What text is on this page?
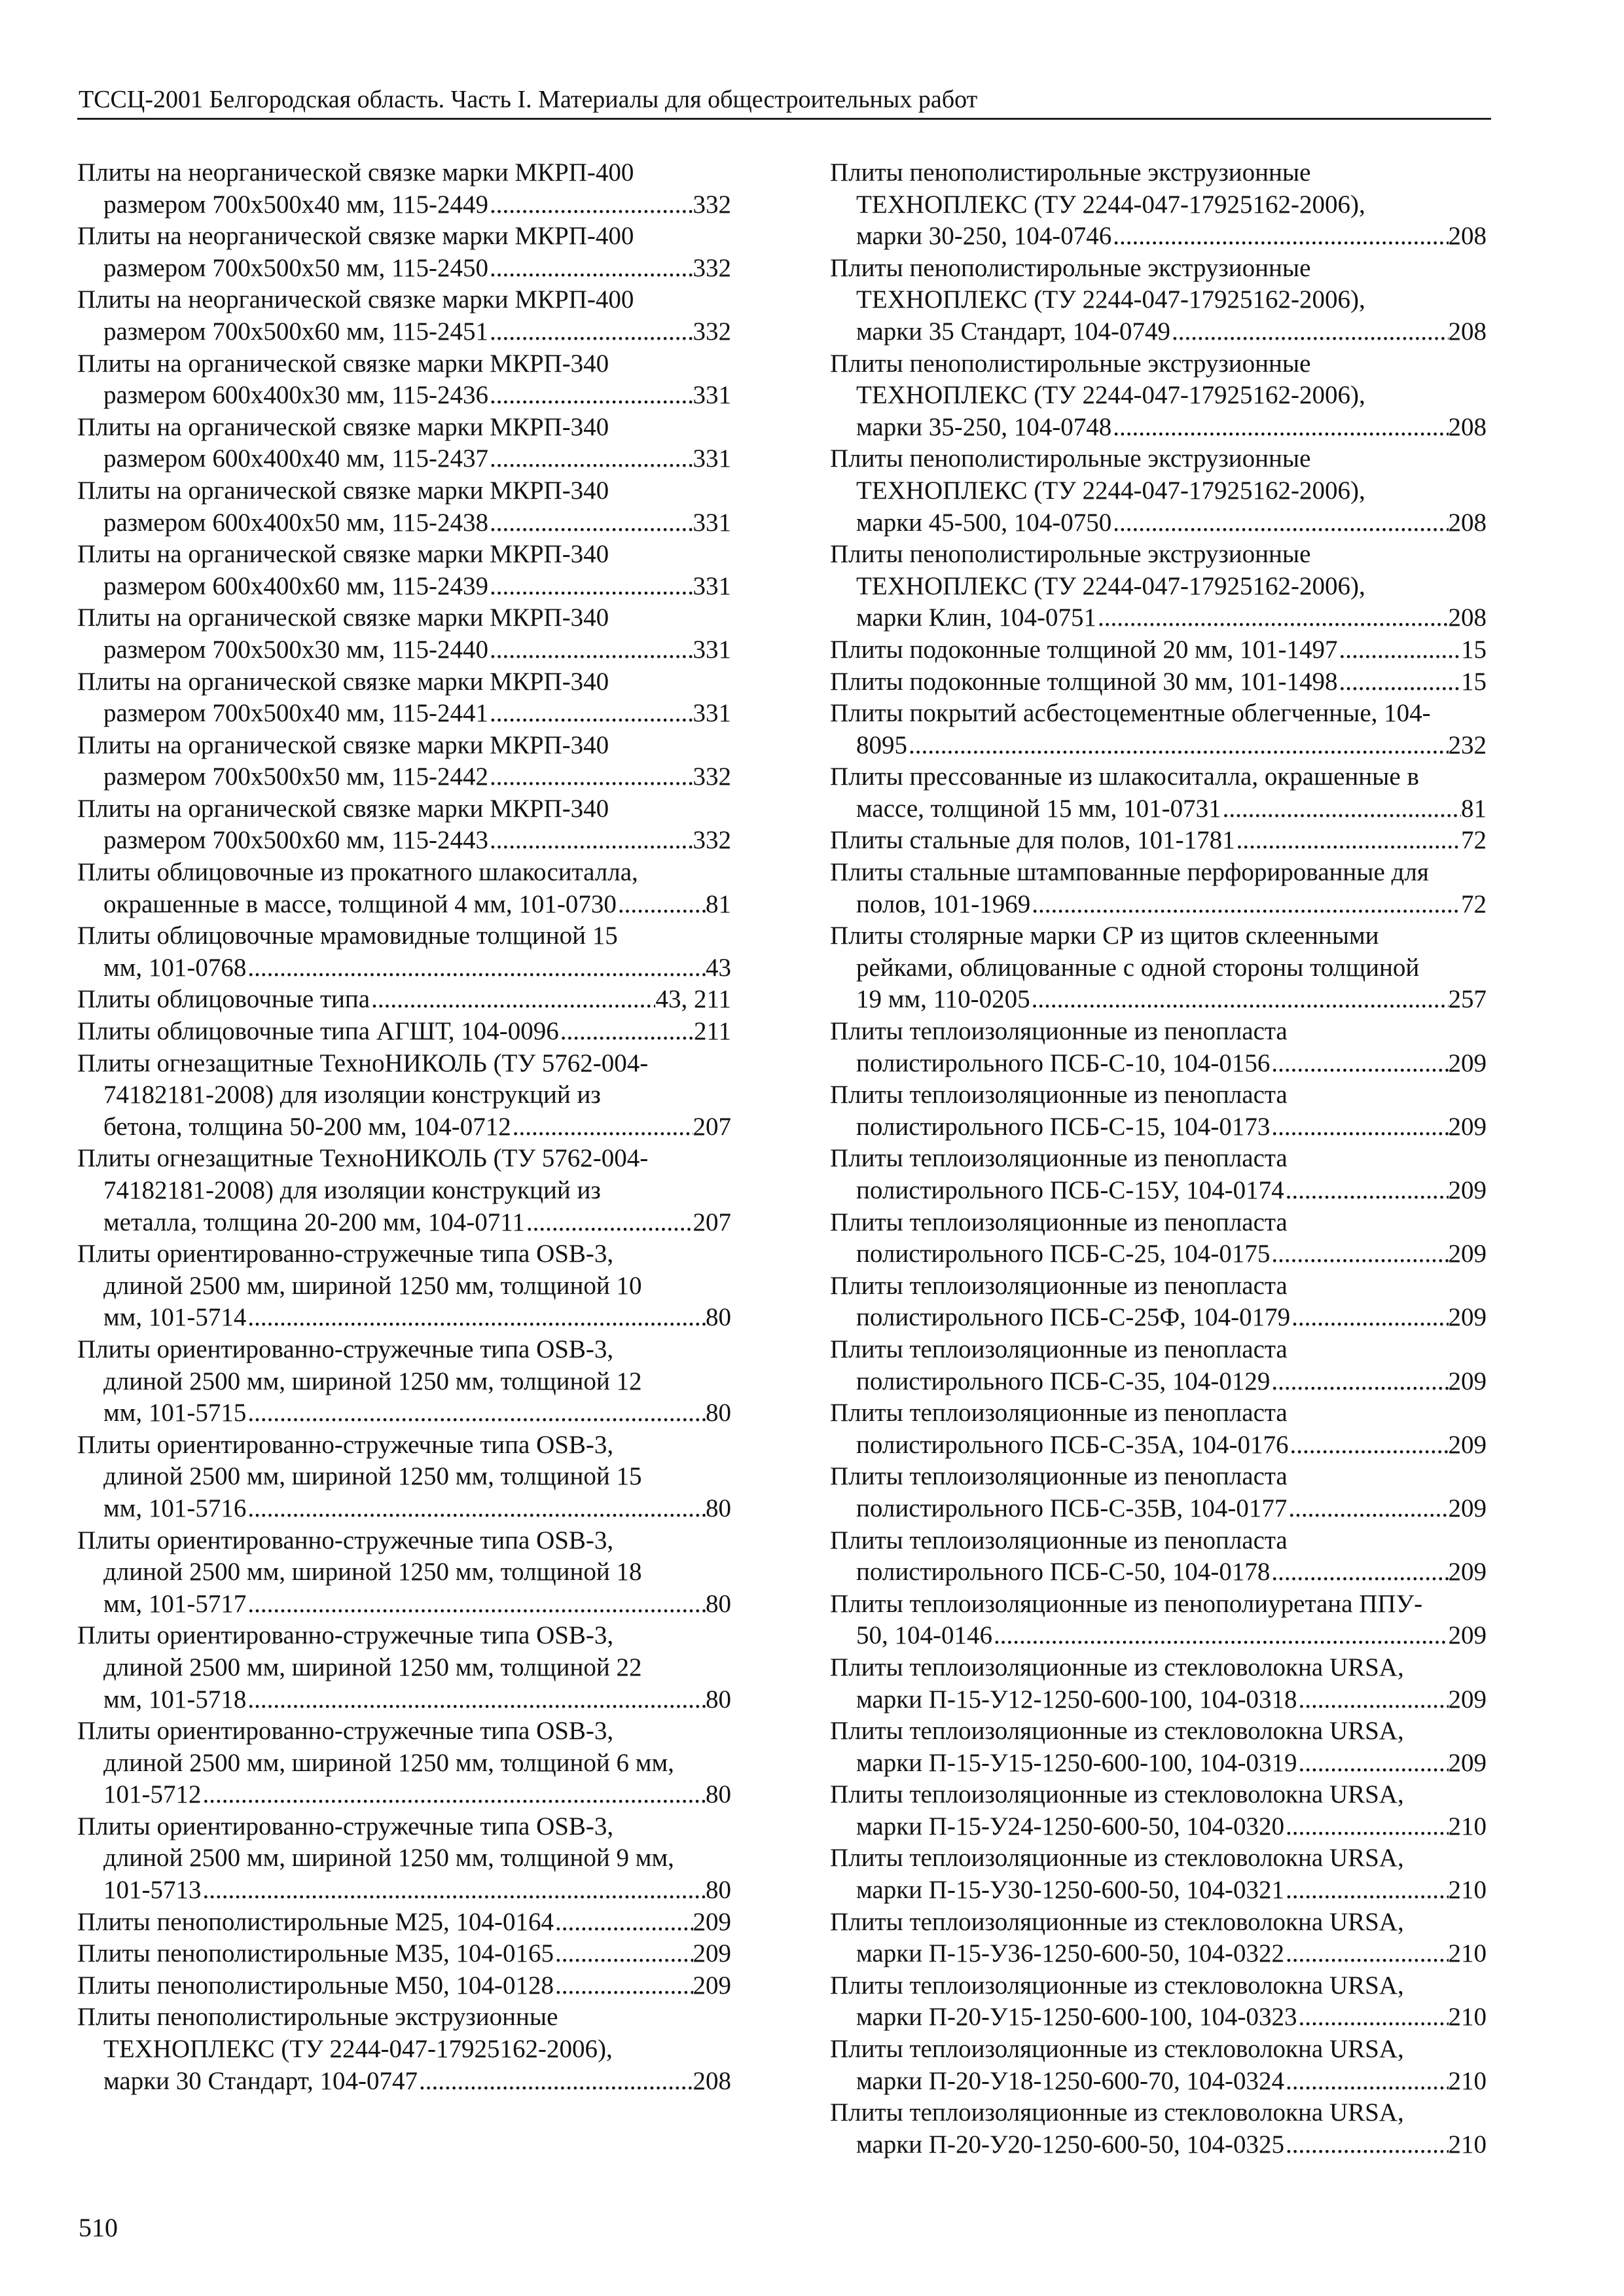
ТССЦ-2001 Белгородская область. Часть I. Материалы для общестроительных работ
Плиты на неорганической связке марки МКРП-400
размером 700х500х40 мм, 115-2449 .....	332
Плиты на неорганической связке марки МКРП-400
размером 700х500х50 мм, 115-2450 .....	332
Плиты на неорганической связке марки МКРП-400
размером 700х500х60 мм, 115-2451 .....	332
Плиты на органической связке марки МКРП-340
размером 600х400х30 мм, 115-2436 .....	331
Плиты на органической связке марки МКРП-340
размером 600х400х40 мм, 115-2437 .....	331
Плиты на органической связке марки МКРП-340
размером 600х400х50 мм, 115-2438 .....	331
Плиты на органической связке марки МКРП-340
размером 600х400х60 мм, 115-2439 .....	331
Плиты на органической связке марки МКРП-340
размером 700х500х30 мм, 115-2440 .....	331
Плиты на органической связке марки МКРП-340
размером 700х500х40 мм, 115-2441 .....	331
Плиты на органической связке марки МКРП-340
размером 700х500х50 мм, 115-2442 .....	332
Плиты на органической связке марки МКРП-340
размером 700х500х60 мм, 115-2443 .....	332
Плиты облицовочные из прокатного шлакоситалла,
окрашенные в массе, толщиной 4 мм, 101-0730 .....	81
Плиты облицовочные мрамовидные толщиной 15
мм, 101-0768 .....	43
Плиты облицовочные типа .....	43, 211
Плиты облицовочные типа АГШТ, 104-0096 .....	211
Плиты огнезащитные ТехноНИКОЛЬ (ТУ 5762-004-
74182181-2008) для изоляции конструкций из
бетона, толщина 50-200 мм, 104-0712 .....	207
Плиты огнезащитные ТехноНИКОЛЬ (ТУ 5762-004-
74182181-2008) для изоляции конструкций из
металла, толщина 20-200 мм, 104-0711 .....	207
Плиты ориентированно-стружечные типа OSB-3,
длиной 2500 мм, шириной 1250 мм, толщиной 10
мм, 101-5714 .....	80
Плиты ориентированно-стружечные типа OSB-3,
длиной 2500 мм, шириной 1250 мм, толщиной 12
мм, 101-5715 .....	80
Плиты ориентированно-стружечные типа OSB-3,
длиной 2500 мм, шириной 1250 мм, толщиной 15
мм, 101-5716 .....	80
Плиты ориентированно-стружечные типа OSB-3,
длиной 2500 мм, шириной 1250 мм, толщиной 18
мм, 101-5717 .....	80
Плиты ориентированно-стружечные типа OSB-3,
длиной 2500 мм, шириной 1250 мм, толщиной 22
мм, 101-5718 .....	80
Плиты ориентированно-стружечные типа OSB-3,
длиной 2500 мм, шириной 1250 мм, толщиной 6 мм,
101-5712 .....	80
Плиты ориентированно-стружечные типа OSB-3,
длиной 2500 мм, шириной 1250 мм, толщиной 9 мм,
101-5713 .....	80
Плиты пенополистирольные М25, 104-0164 .....	209
Плиты пенополистирольные М35, 104-0165 .....	209
Плиты пенополистирольные М50, 104-0128 .....	209
Плиты пенополистирольные экструзионные
ТЕХНОПЛЕКС (ТУ 2244-047-17925162-2006),
марки 30 Стандарт, 104-0747 .....	208
Плиты пенополистирольные экструзионные
ТЕХНОПЛЕКС (ТУ 2244-047-17925162-2006),
марки 30-250, 104-0746 .....	208
Плиты пенополистирольные экструзионные
ТЕХНОПЛЕКС (ТУ 2244-047-17925162-2006),
марки 35 Стандарт, 104-0749 .....	208
Плиты пенополистирольные экструзионные
ТЕХНОПЛЕКС (ТУ 2244-047-17925162-2006),
марки 35-250, 104-0748 .....	208
Плиты пенополистирольные экструзионные
ТЕХНОПЛЕКС (ТУ 2244-047-17925162-2006),
марки 45-500, 104-0750 .....	208
Плиты пенополистирольные экструзионные
ТЕХНОПЛЕКС (ТУ 2244-047-17925162-2006),
марки Клин, 104-0751 .....	208
Плиты подоконные толщиной 20 мм, 101-1497 .....	15
Плиты подоконные толщиной 30 мм, 101-1498 .....	15
Плиты покрытий асбестоцементные облегченные, 104-
8095 .....	232
Плиты прессованные из шлакоситалла, окрашенные в
массе, толщиной 15 мм, 101-0731 .....	81
Плиты стальные для полов, 101-1781 .....	72
Плиты стальные штампованные перфорированные для
полов, 101-1969 .....	72
Плиты столярные марки СР из щитов склеенными
рейками, облицованные с одной стороны толщиной
19 мм, 110-0205 .....	257
Плиты теплоизоляционные из пенопласта
полистирольного ПСБ-С-10, 104-0156 .....	209
Плиты теплоизоляционные из пенопласта
полистирольного ПСБ-С-15, 104-0173 .....	209
Плиты теплоизоляционные из пенопласта
полистирольного ПСБ-С-15У, 104-0174 .....	209
Плиты теплоизоляционные из пенопласта
полистирольного ПСБ-С-25, 104-0175 .....	209
Плиты теплоизоляционные из пенопласта
полистирольного ПСБ-С-25Ф, 104-0179 .....	209
Плиты теплоизоляционные из пенопласта
полистирольного ПСБ-С-35, 104-0129 .....	209
Плиты теплоизоляционные из пенопласта
полистирольного ПСБ-С-35А, 104-0176 .....	209
Плиты теплоизоляционные из пенопласта
полистирольного ПСБ-С-35В, 104-0177 .....	209
Плиты теплоизоляционные из пенопласта
полистирольного ПСБ-С-50, 104-0178 .....	209
Плиты теплоизоляционные из пенополиуретана ППУ-
50, 104-0146 .....	209
Плиты теплоизоляционные из стекловолокна URSA,
марки П-15-У12-1250-600-100, 104-0318 .....	209
Плиты теплоизоляционные из стекловолокна URSA,
марки П-15-У15-1250-600-100, 104-0319 .....	209
Плиты теплоизоляционные из стекловолокна URSA,
марки П-15-У24-1250-600-50, 104-0320 .....	210
Плиты теплоизоляционные из стекловолокна URSA,
марки П-15-У30-1250-600-50, 104-0321 .....	210
Плиты теплоизоляционные из стекловолокна URSA,
марки П-15-У36-1250-600-50, 104-0322 .....	210
Плиты теплоизоляционные из стекловолокна URSA,
марки П-20-У15-1250-600-100, 104-0323 .....	210
Плиты теплоизоляционные из стекловолокна URSA,
марки П-20-У18-1250-600-70, 104-0324 .....	210
Плиты теплоизоляционные из стекловолокна URSA,
марки П-20-У20-1250-600-50, 104-0325 .....	210
510
